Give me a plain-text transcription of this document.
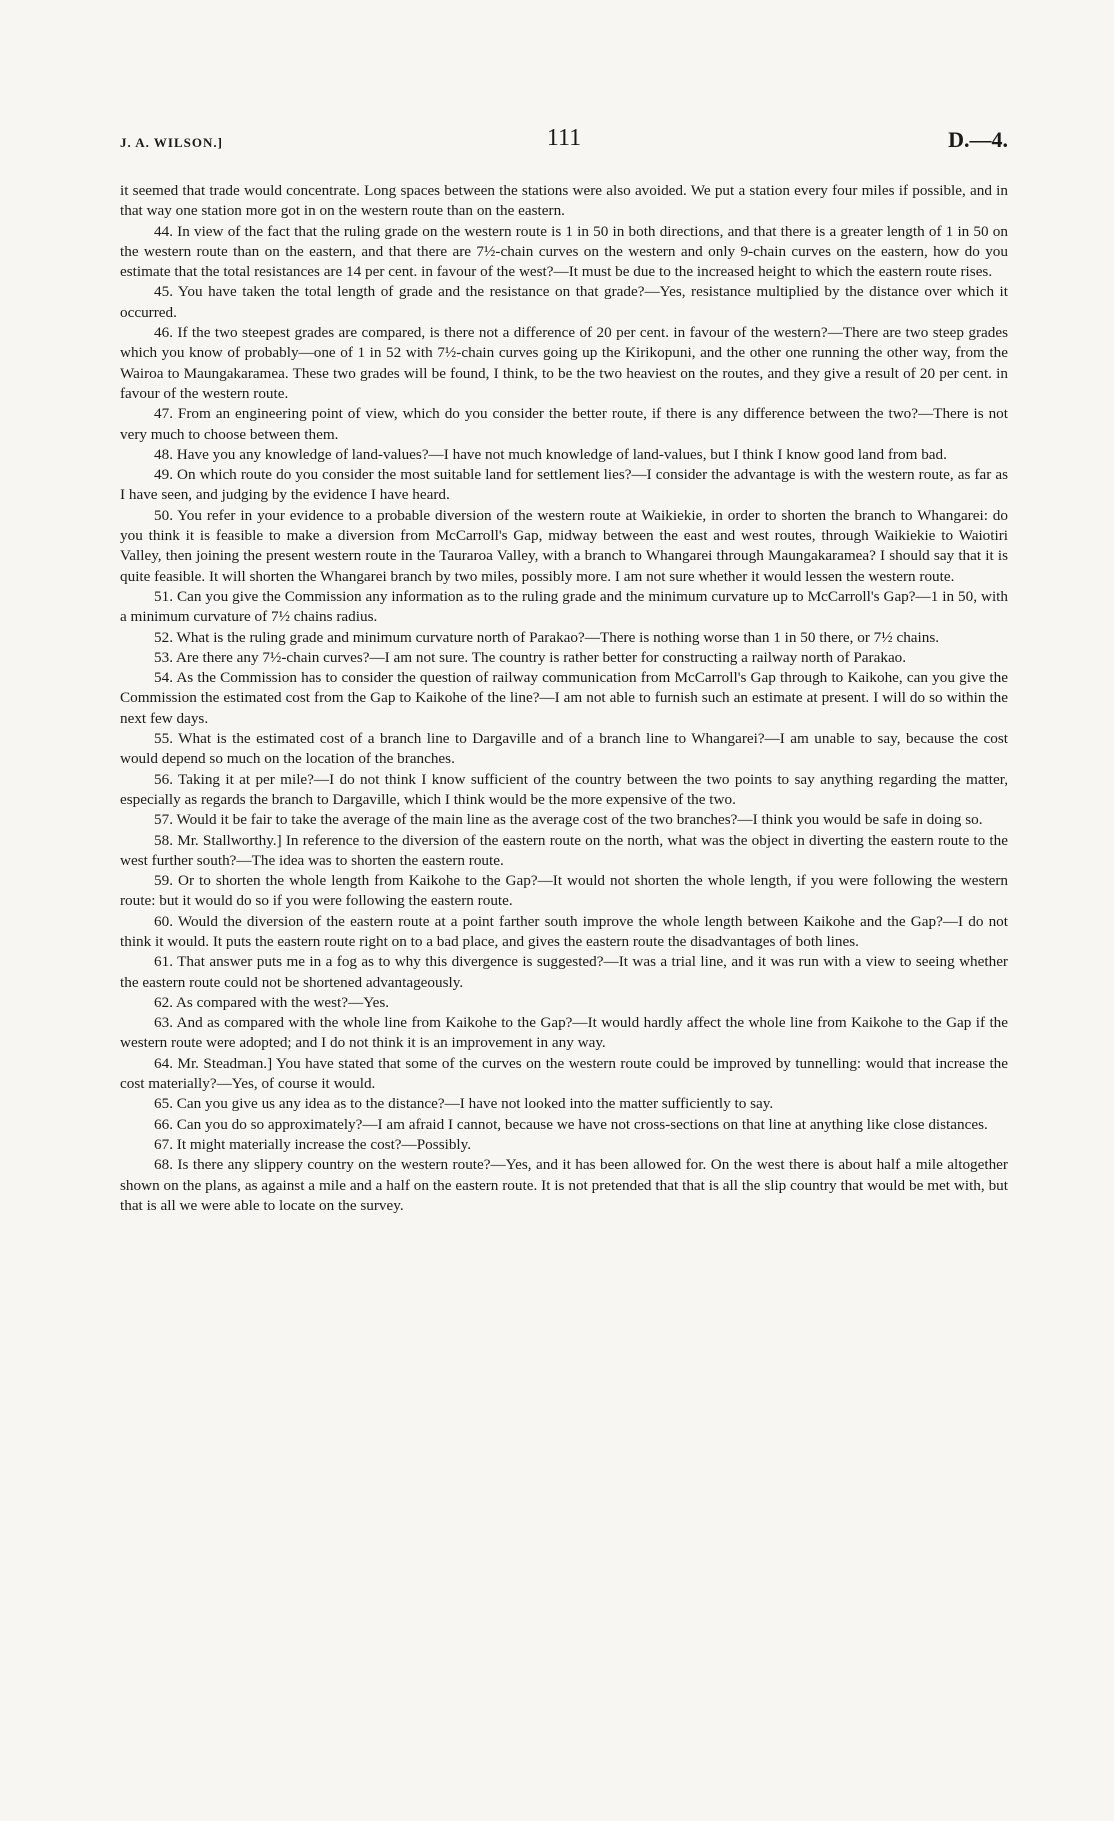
J. A. WILSON.]	111	D.—4.

it seemed that trade would concentrate. Long spaces between the stations were also avoided. We put a station every four miles if possible, and in that way one station more got in on the western route than on the eastern.

44. In view of the fact that the ruling grade on the western route is 1 in 50 in both directions, and that there is a greater length of 1 in 50 on the western route than on the eastern, and that there are 7½-chain curves on the western and only 9-chain curves on the eastern, how do you estimate that the total resistances are 14 per cent. in favour of the west?—It must be due to the increased height to which the eastern route rises.

45. You have taken the total length of grade and the resistance on that grade?—Yes, resistance multiplied by the distance over which it occurred.

46. If the two steepest grades are compared, is there not a difference of 20 per cent. in favour of the western?—There are two steep grades which you know of probably—one of 1 in 52 with 7½-chain curves going up the Kirikopuni, and the other one running the other way, from the Wairoa to Maungakaramea. These two grades will be found, I think, to be the two heaviest on the routes, and they give a result of 20 per cent. in favour of the western route.

47. From an engineering point of view, which do you consider the better route, if there is any difference between the two?—There is not very much to choose between them.

48. Have you any knowledge of land-values?—I have not much knowledge of land-values, but I think I know good land from bad.

49. On which route do you consider the most suitable land for settlement lies?—I consider the advantage is with the western route, as far as I have seen, and judging by the evidence I have heard.

50. You refer in your evidence to a probable diversion of the western route at Waikiekie, in order to shorten the branch to Whangarei: do you think it is feasible to make a diversion from McCarroll's Gap, midway between the east and west routes, through Waikiekie to Waiotiri Valley, then joining the present western route in the Tauraroa Valley, with a branch to Whangarei through Maungakaramea? I should say that it is quite feasible. It will shorten the Whangarei branch by two miles, possibly more. I am not sure whether it would lessen the western route.

51. Can you give the Commission any information as to the ruling grade and the minimum curvature up to McCarroll's Gap?—1 in 50, with a minimum curvature of 7½ chains radius.

52. What is the ruling grade and minimum curvature north of Parakao?—There is nothing worse than 1 in 50 there, or 7½ chains.

53. Are there any 7½-chain curves?—I am not sure. The country is rather better for constructing a railway north of Parakao.

54. As the Commission has to consider the question of railway communication from McCarroll's Gap through to Kaikohe, can you give the Commission the estimated cost from the Gap to Kaikohe of the line?—I am not able to furnish such an estimate at present. I will do so within the next few days.

55. What is the estimated cost of a branch line to Dargaville and of a branch line to Whangarei?—I am unable to say, because the cost would depend so much on the location of the branches.

56. Taking it at per mile?—I do not think I know sufficient of the country between the two points to say anything regarding the matter, especially as regards the branch to Dargaville, which I think would be the more expensive of the two.

57. Would it be fair to take the average of the main line as the average cost of the two branches?—I think you would be safe in doing so.

58. Mr. Stallworthy.] In reference to the diversion of the eastern route on the north, what was the object in diverting the eastern route to the west further south?—The idea was to shorten the eastern route.

59. Or to shorten the whole length from Kaikohe to the Gap?—It would not shorten the whole length, if you were following the western route: but it would do so if you were following the eastern route.

60. Would the diversion of the eastern route at a point farther south improve the whole length between Kaikohe and the Gap?—I do not think it would. It puts the eastern route right on to a bad place, and gives the eastern route the disadvantages of both lines.

61. That answer puts me in a fog as to why this divergence is suggested?—It was a trial line, and it was run with a view to seeing whether the eastern route could not be shortened advantageously.

62. As compared with the west?—Yes.

63. And as compared with the whole line from Kaikohe to the Gap?—It would hardly affect the whole line from Kaikohe to the Gap if the western route were adopted; and I do not think it is an improvement in any way.

64. Mr. Steadman.] You have stated that some of the curves on the western route could be improved by tunnelling: would that increase the cost materially?—Yes, of course it would.

65. Can you give us any idea as to the distance?—I have not looked into the matter sufficiently to say.

66. Can you do so approximately?—I am afraid I cannot, because we have not cross-sections on that line at anything like close distances.

67. It might materially increase the cost?—Possibly.

68. Is there any slippery country on the western route?—Yes, and it has been allowed for. On the west there is about half a mile altogether shown on the plans, as against a mile and a half on the eastern route. It is not pretended that that is all the slip country that would be met with, but that is all we were able to locate on the survey.
